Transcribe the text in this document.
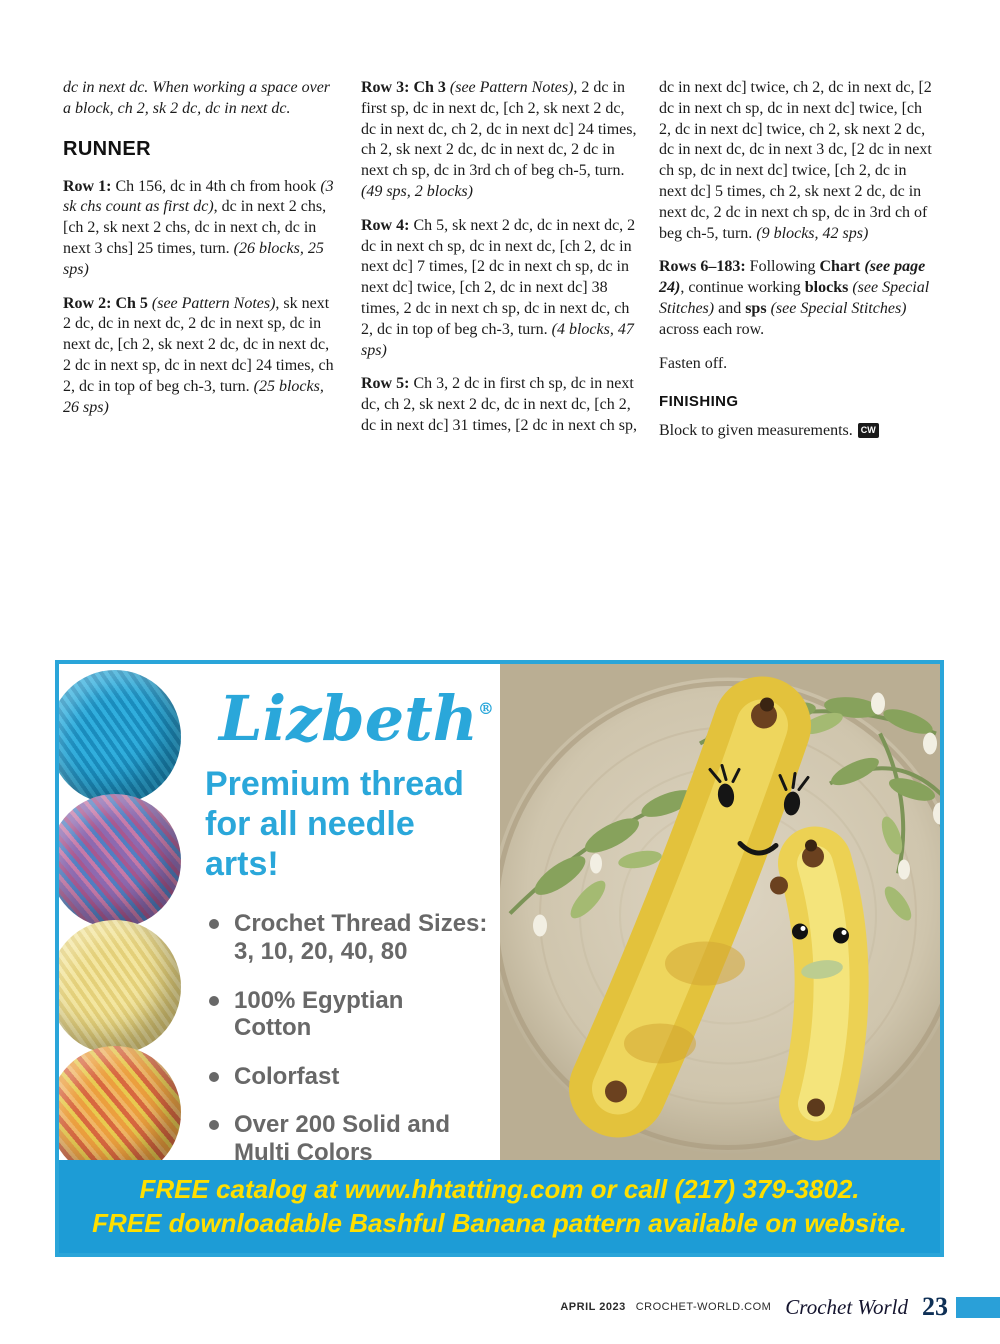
dc in next dc. When working a space over a block, ch 2, sk 2 dc, dc in next dc.

RUNNER

Row 1: Ch 156, dc in 4th ch from hook (3 sk chs count as first dc), dc in next 2 chs, [ch 2, sk next 2 chs, dc in next ch, dc in next 3 chs] 25 times, turn. (26 blocks, 25 sps)

Row 2: Ch 5 (see Pattern Notes), sk next 2 dc, dc in next dc, 2 dc in next sp, dc in next dc, [ch 2, sk next 2 dc, dc in next dc, 2 dc in next sp, dc in next dc] 24 times, ch 2, dc in top of beg ch-3, turn. (25 blocks, 26 sps)

Row 3: Ch 3 (see Pattern Notes), 2 dc in first sp, dc in next dc, [ch 2, sk next 2 dc, dc in next dc, ch 2, dc in next dc] 24 times, ch 2, sk next 2 dc, dc in next dc, 2 dc in next ch sp, dc in 3rd ch of beg ch-5, turn. (49 sps, 2 blocks)

Row 4: Ch 5, sk next 2 dc, dc in next dc, 2 dc in next ch sp, dc in next dc, [ch 2, dc in next dc] 7 times, [2 dc in next ch sp, dc in next dc] twice, [ch 2, dc in next dc] 38 times, 2 dc in next ch sp, dc in next dc, ch 2, dc in top of beg ch-3, turn. (4 blocks, 47 sps)

Row 5: Ch 3, 2 dc in first ch sp, dc in next dc, ch 2, sk next 2 dc, dc in next dc, [ch 2, dc in next dc] 31 times, [2 dc in next ch sp,

dc in next dc] twice, ch 2, dc in next dc, [2 dc in next ch sp, dc in next dc] twice, [ch 2, dc in next dc] twice, ch 2, sk next 2 dc, dc in next dc, dc in next 3 dc, [2 dc in next ch sp, dc in next dc] twice, [ch 2, dc in next dc] 5 times, ch 2, sk next 2 dc, dc in next dc, 2 dc in next ch sp, dc in 3rd ch of beg ch-5, turn. (9 blocks, 42 sps)

Rows 6–183: Following Chart (see page 24), continue working blocks (see Special Stitches) and sps (see Special Stitches) across each row.

Fasten off.

FINISHING

Block to given measurements. CW

Lizbeth®
Premium thread
for all needle arts!
Crochet Thread Sizes:
3, 10, 20, 40, 80
100% Egyptian
Cotton
Colorfast
Over 200 Solid and
Multi Colors
FREE catalog at www.hhtatting.com or call (217) 379-3802.
FREE downloadable Bashful Banana pattern available on website.
APRIL 2023 CROCHET-WORLD.COM Crochet World 23
